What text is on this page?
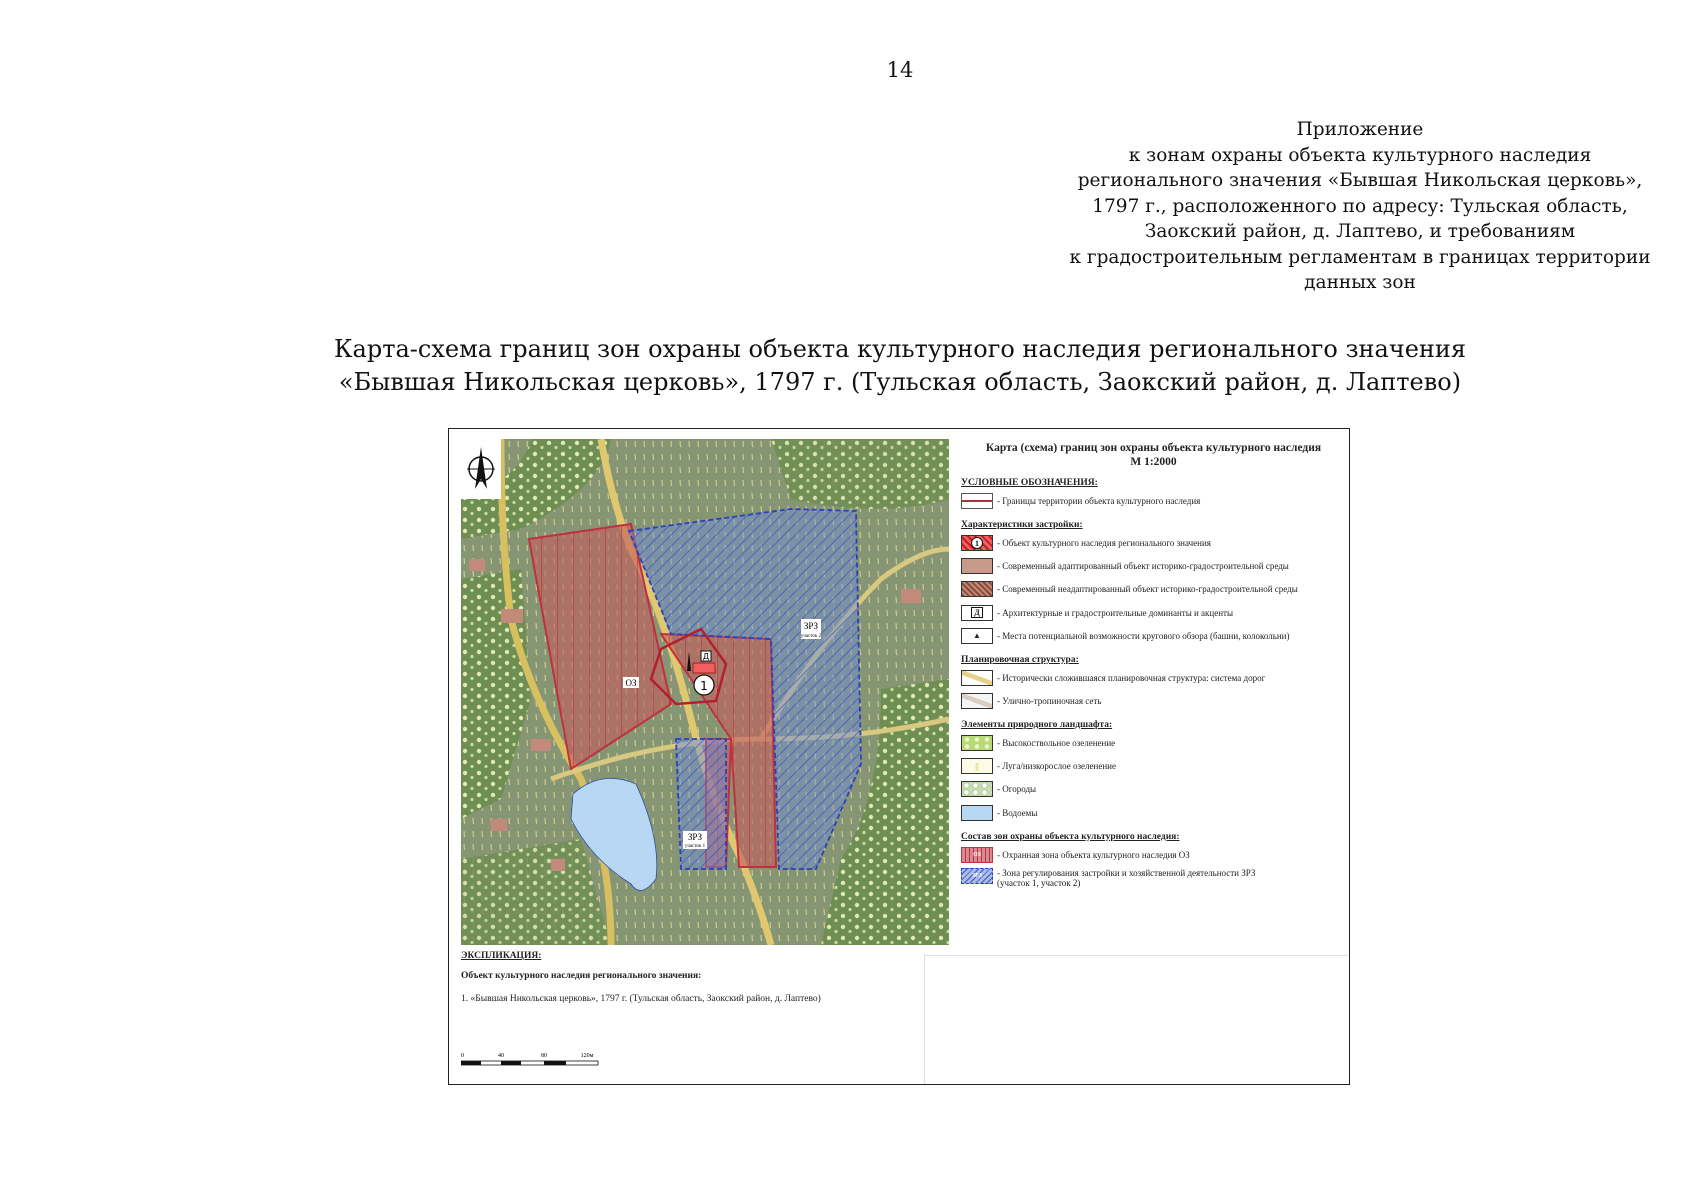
14
Приложение
к зонам охраны объекта культурного наследия
регионального значения «Бывшая Никольская церковь»,
1797 г., расположенного по адресу: Тульская область,
Заокский район, д. Лаптево, и требованиям
к градостроительным регламентам в границах территории
данных зон
Карта-схема границ зон охраны объекта культурного наследия регионального значения
«Бывшая Никольская церковь», 1797 г. (Тульская область, Заокский район, д. Лаптево)
Д
1
ОЗ
ЗРЗ
участок 2
ЗРЗ
участок 1
Карта (схема) границ зон охраны объекта культурного наследия
М 1:2000
УСЛОВНЫЕ ОБОЗНАЧЕНИЯ:
- Границы территории объекта культурного наследия
Характеристики застройки:
1	- Объект культурного наследия регионального значения
- Современный адаптированный объект историко-градостроительной среды
- Современный неадаптированный объект историко-градостроительной среды
Д	- Архитектурные и градостроительные доминанты и акценты
▲	- Места потенциальной возможности кругового обзора (башни, колокольни)
Планировочная структура:
- Исторически сложившаяся планировочная структура: система дорог
- Улично-тропиночная сеть
Элементы природного ландшафта:
- Высокоствольное озеленение
||	- Луга/низкорослое озеленение
- Огороды
- Водоемы
Состав зон охраны объекта культурного наследия:
ОЗ	- Охранная зона объекта культурного наследия ОЗ
ЗРЗ	- Зона регулирования застройки и хозяйственной деятельности ЗРЗ
(участок 1, участок 2)
ЭКСПЛИКАЦИЯ:
Объект культурного наследия регионального значения:
1. «Бывшая Никольская церковь», 1797 г. (Тульская область, Заокский район, д. Лаптево)
0	40	80	120м
